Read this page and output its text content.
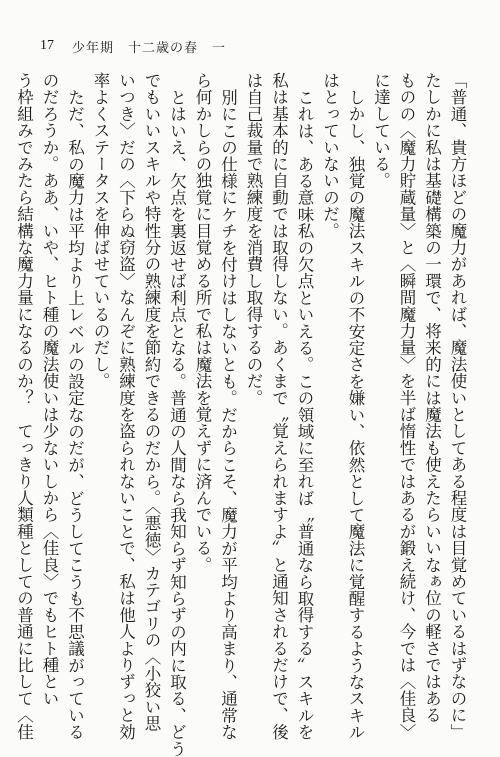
17 少年期　十二歳の春　一
「普通、貴方ほどの魔力があれば、魔法使いとしてある程度は目覚めているはずなのに」
たしかに私は基礎構築の一環で、将来的には魔法も使えたらいいなぁ位の軽さではある
ものの〈魔力貯蔵量〉と〈瞬間魔力量〉を半ば惰性ではあるが鍛え続け、今では〈佳良〉
に達している。
しかし、独覚の魔法スキルの不安定さを嫌い、依然として魔法に覚醒するようなスキル
はとっていないのだ。
これは、ある意味私の欠点といえる。この領域に至れば〝普通なら取得する〟スキルを
私は基本的に自動では取得しない。あくまで〝覚えられますよ〟と通知されるだけで、後
は自己裁量で熟練度を消費し取得するのだ。
別にこの仕様にケチを付けはしないとも。だからこそ、魔力が平均より高まり、通常な
ら何かしらの独覚に目覚める所で私は魔法を覚えずに済んでいる。
とはいえ、欠点を裏返せば利点となる。普通の人間なら我知らず知らずの内に取る、どう
でもいいスキルや特性分の熟練度を節約できるのだから。〈悪徳〉カテゴリの〈小狡い思
いつき〉だの〈下らぬ窃盗〉なんぞに熟練度を盗られないことで、私は他人よりずっと効
率よくステータスを伸ばせているのだし。
ただ、私の魔力は平均より上レベルの設定なのだが、どうしてこうも不思議がっている
のだろうか。ああ、いや、ヒト種の魔法使いは少ないしから〈佳良〉でもヒト種とい
う枠組みでみたら結構な魔力量になるのか？　てっきり人類種としての普通に比して〈佳
